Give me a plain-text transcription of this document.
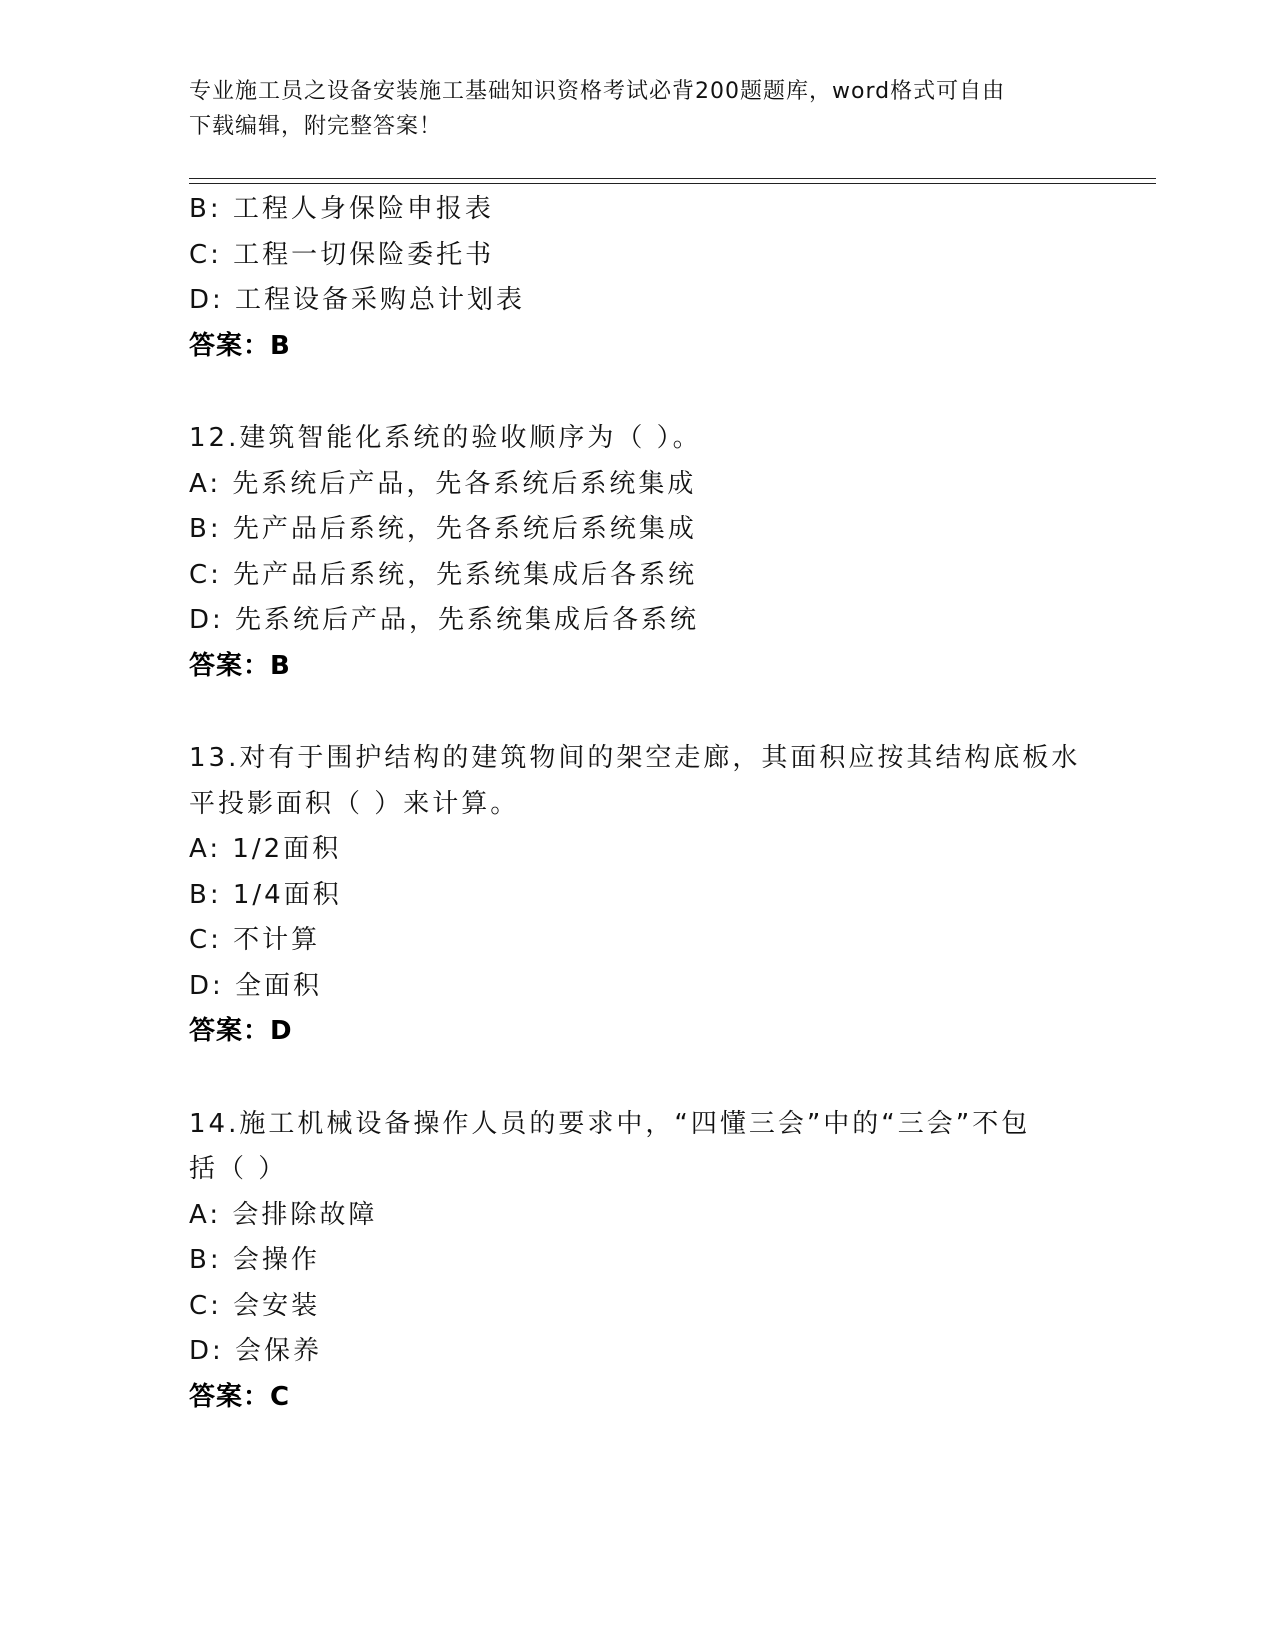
专业施工员之设备安装施工基础知识资格考试必背200题题库，word格式可自由
下载编辑，附完整答案！
B: 工程人身保险申报表
C: 工程一切保险委托书
D: 工程设备采购总计划表
答案：B
12.建筑智能化系统的验收顺序为（ ）。
A: 先系统后产品，先各系统后系统集成
B: 先产品后系统，先各系统后系统集成
C: 先产品后系统，先系统集成后各系统
D: 先系统后产品，先系统集成后各系统
答案：B
13.对有于围护结构的建筑物间的架空走廊，其面积应按其结构底板水
平投影面积（ ）来计算。
A: 1/2面积
B: 1/4面积
C: 不计算
D: 全面积
答案：D
14.施工机械设备操作人员的要求中，“四懂三会”中的“三会”不包
括（ ）
A: 会排除故障
B: 会操作
C: 会安装
D: 会保养
答案：C
